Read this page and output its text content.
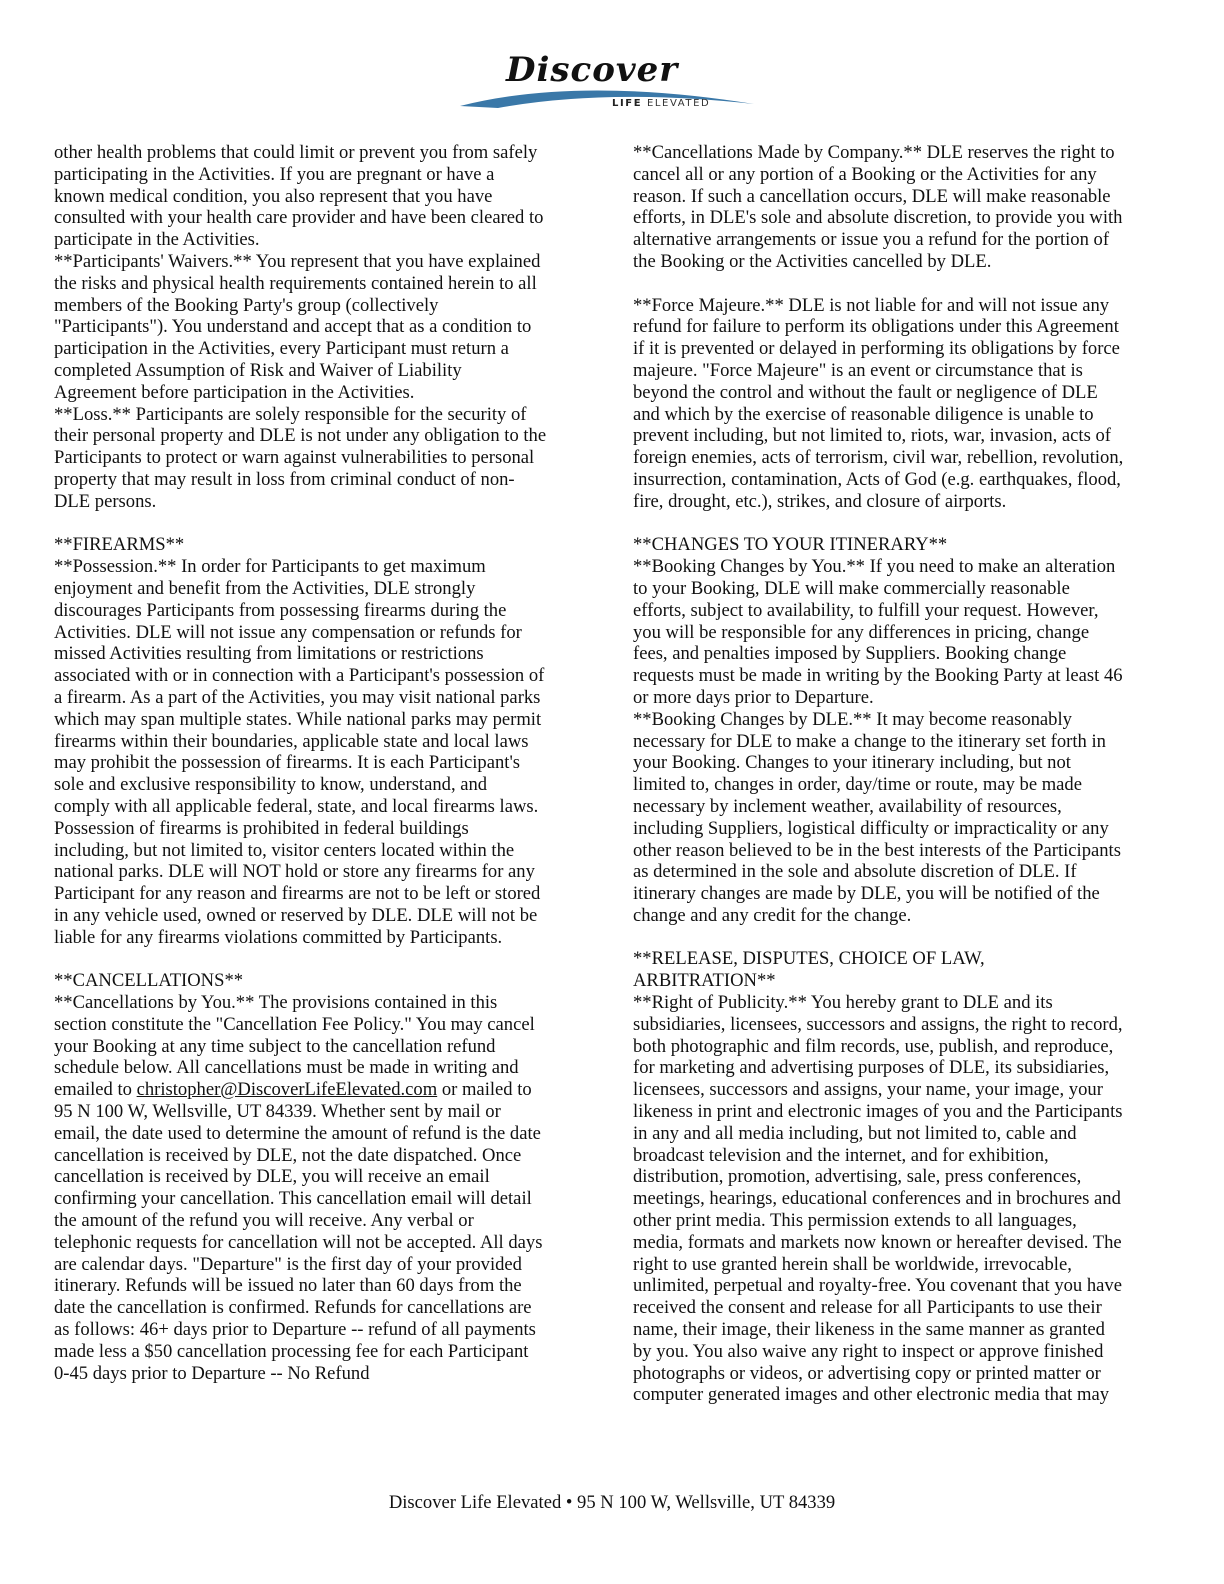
Discover
LIFE ELEVATED
other health problems that could limit or prevent you from safely
participating in the Activities. If you are pregnant or have a
known medical condition, you also represent that you have
consulted with your health care provider and have been cleared to
participate in the Activities.
**Participants' Waivers.** You represent that you have explained
the risks and physical health requirements contained herein to all
members of the Booking Party's group (collectively
"Participants"). You understand and accept that as a condition to
participation in the Activities, every Participant must return a
completed Assumption of Risk and Waiver of Liability
Agreement before participation in the Activities.
**Loss.** Participants are solely responsible for the security of
their personal property and DLE is not under any obligation to the
Participants to protect or warn against vulnerabilities to personal
property that may result in loss from criminal conduct of non-
DLE persons.

**FIREARMS**
**Possession.** In order for Participants to get maximum
enjoyment and benefit from the Activities, DLE strongly
discourages Participants from possessing firearms during the
Activities. DLE will not issue any compensation or refunds for
missed Activities resulting from limitations or restrictions
associated with or in connection with a Participant's possession of
a firearm. As a part of the Activities, you may visit national parks
which may span multiple states. While national parks may permit
firearms within their boundaries, applicable state and local laws
may prohibit the possession of firearms. It is each Participant's
sole and exclusive responsibility to know, understand, and
comply with all applicable federal, state, and local firearms laws.
Possession of firearms is prohibited in federal buildings
including, but not limited to, visitor centers located within the
national parks. DLE will NOT hold or store any firearms for any
Participant for any reason and firearms are not to be left or stored
in any vehicle used, owned or reserved by DLE. DLE will not be
liable for any firearms violations committed by Participants.

**CANCELLATIONS**
**Cancellations by You.** The provisions contained in this
section constitute the "Cancellation Fee Policy." You may cancel
your Booking at any time subject to the cancellation refund
schedule below. All cancellations must be made in writing and
emailed to christopher@DiscoverLifeElevated.com or mailed to
95 N 100 W, Wellsville, UT 84339. Whether sent by mail or
email, the date used to determine the amount of refund is the date
cancellation is received by DLE, not the date dispatched. Once
cancellation is received by DLE, you will receive an email
confirming your cancellation. This cancellation email will detail
the amount of the refund you will receive. Any verbal or
telephonic requests for cancellation will not be accepted. All days
are calendar days. "Departure" is the first day of your provided
itinerary. Refunds will be issued no later than 60 days from the
date the cancellation is confirmed. Refunds for cancellations are
as follows: 46+ days prior to Departure -- refund of all payments
made less a $50 cancellation processing fee for each Participant
0-45 days prior to Departure -- No Refund
**Cancellations Made by Company.** DLE reserves the right to
cancel all or any portion of a Booking or the Activities for any
reason. If such a cancellation occurs, DLE will make reasonable
efforts, in DLE's sole and absolute discretion, to provide you with
alternative arrangements or issue you a refund for the portion of
the Booking or the Activities cancelled by DLE.

**Force Majeure.** DLE is not liable for and will not issue any
refund for failure to perform its obligations under this Agreement
if it is prevented or delayed in performing its obligations by force
majeure. "Force Majeure" is an event or circumstance that is
beyond the control and without the fault or negligence of DLE
and which by the exercise of reasonable diligence is unable to
prevent including, but not limited to, riots, war, invasion, acts of
foreign enemies, acts of terrorism, civil war, rebellion, revolution,
insurrection, contamination, Acts of God (e.g. earthquakes, flood,
fire, drought, etc.), strikes, and closure of airports.

**CHANGES TO YOUR ITINERARY**
**Booking Changes by You.** If you need to make an alteration
to your Booking, DLE will make commercially reasonable
efforts, subject to availability, to fulfill your request. However,
you will be responsible for any differences in pricing, change
fees, and penalties imposed by Suppliers. Booking change
requests must be made in writing by the Booking Party at least 46
or more days prior to Departure.
**Booking Changes by DLE.** It may become reasonably
necessary for DLE to make a change to the itinerary set forth in
your Booking. Changes to your itinerary including, but not
limited to, changes in order, day/time or route, may be made
necessary by inclement weather, availability of resources,
including Suppliers, logistical difficulty or impracticality or any
other reason believed to be in the best interests of the Participants
as determined in the sole and absolute discretion of DLE. If
itinerary changes are made by DLE, you will be notified of the
change and any credit for the change.

**RELEASE, DISPUTES, CHOICE OF LAW,
ARBITRATION**
**Right of Publicity.** You hereby grant to DLE and its
subsidiaries, licensees, successors and assigns, the right to record,
both photographic and film records, use, publish, and reproduce,
for marketing and advertising purposes of DLE, its subsidiaries,
licensees, successors and assigns, your name, your image, your
likeness in print and electronic images of you and the Participants
in any and all media including, but not limited to, cable and
broadcast television and the internet, and for exhibition,
distribution, promotion, advertising, sale, press conferences,
meetings, hearings, educational conferences and in brochures and
other print media. This permission extends to all languages,
media, formats and markets now known or hereafter devised. The
right to use granted herein shall be worldwide, irrevocable,
unlimited, perpetual and royalty-free. You covenant that you have
received the consent and release for all Participants to use their
name, their image, their likeness in the same manner as granted
by you. You also waive any right to inspect or approve finished
photographs or videos, or advertising copy or printed matter or
computer generated images and other electronic media that may
Discover Life Elevated • 95 N 100 W, Wellsville, UT 84339
